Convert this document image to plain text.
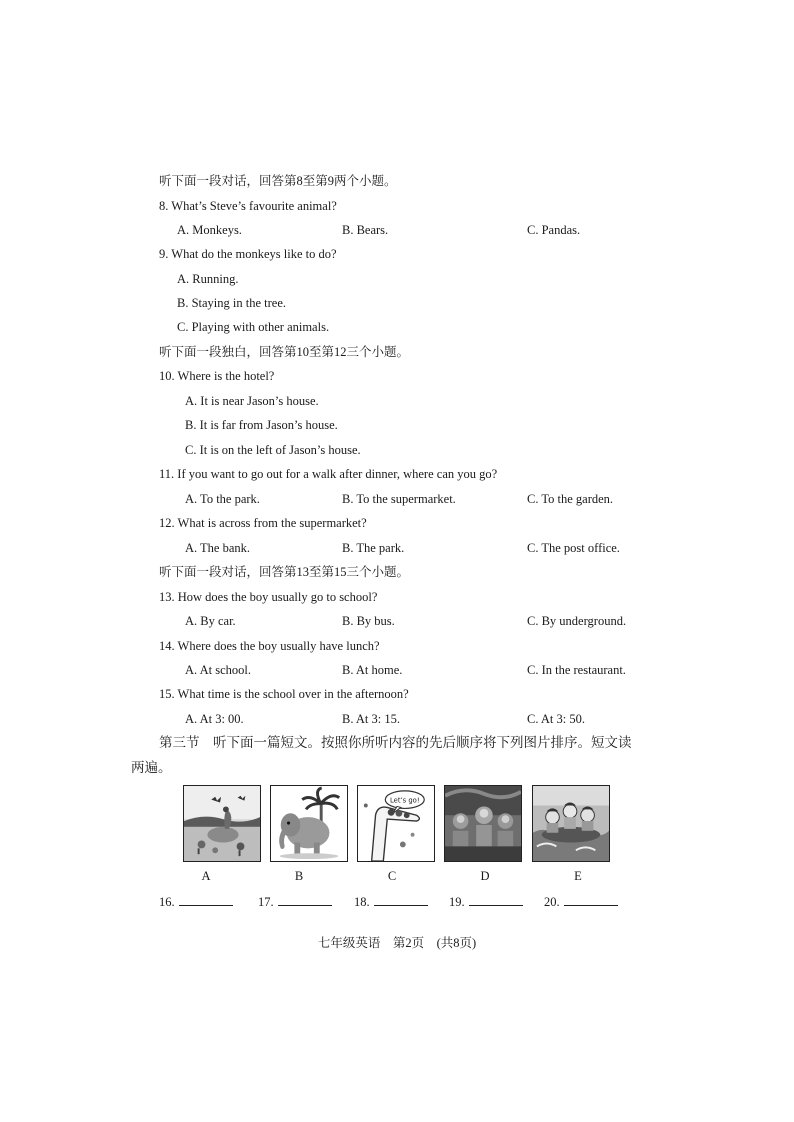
听下面一段对话，回答第8至第9两个小题。
8. What’s Steve’s favourite animal?
A. Monkeys.	B. Bears.	C. Pandas.
9. What do the monkeys like to do?
A. Running.
B. Staying in the tree.
C. Playing with other animals.
听下面一段独白，回答第10至第12三个小题。
10. Where is the hotel?
A. It is near Jason’s house.
B. It is far from Jason’s house.
C. It is on the left of Jason’s house.
11. If you want to go out for a walk after dinner, where can you go?
A. To the park.	B. To the supermarket.	C. To the garden.
12. What is across from the supermarket?
A. The bank.	B. The park.	C. The post office.
听下面一段对话，回答第13至第15三个小题。
13. How does the boy usually go to school?
A. By car.	B. By bus.	C. By underground.
14. Where does the boy usually have lunch?
A. At school.	B. At home.	C. In the restaurant.
15. What time is the school over in the afternoon?
A. At 3: 00.	B. At 3: 15.	C. At 3: 50.
第三节　听下面一篇短文。按照你所听内容的先后顺序将下列图片排序。短文读
两遍。
Let’s go!
A	B	C	D	E
16.	17.	18.	19.	20.
七年级英语　第2页　(共8页)
